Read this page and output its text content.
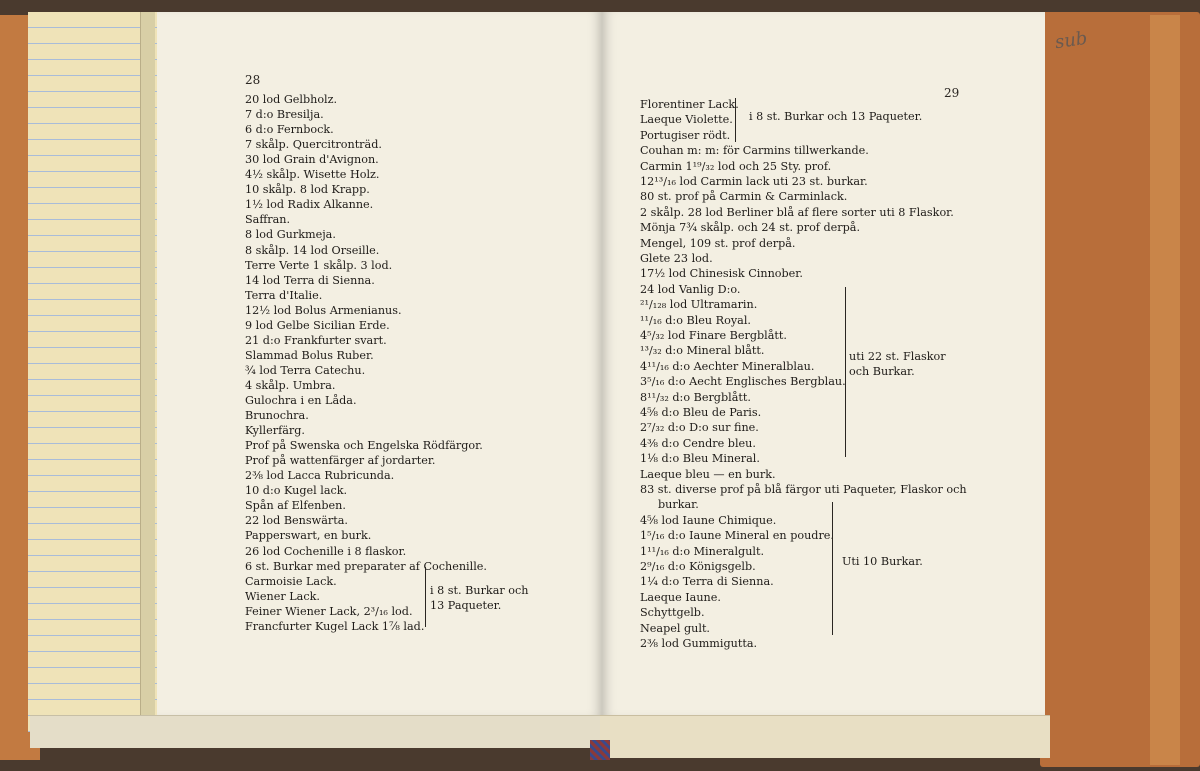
sub
28
20 lod Gelbholz.
7 d:o Bresilja.
6 d:o Fernbock.
7 skålp. Quercitronträd.
30 lod Grain d'Avignon.
4½ skålp. Wisette Holz.
10 skålp. 8 lod Krapp.
1½ lod Radix Alkanne.
Saffran.
8 lod Gurkmeja.
8 skålp. 14 lod Orseille.
Terre Verte 1 skålp. 3 lod.
14 lod Terra di Sienna.
Terra d'Italie.
12½ lod Bolus Armenianus.
9 lod Gelbe Sicilian Erde.
21 d:o Frankfurter svart.
Slammad Bolus Ruber.
¾ lod Terra Catechu.
4 skålp. Umbra.
Gulochra i en Låda.
Brunochra.
Kyllerfärg.
Prof på Swenska och Engelska Rödfärgor.
Prof på wattenfärger af jordarter.
2⅜ lod Lacca Rubricunda.
10 d:o Kugel lack.
Spån af Elfenben.
22 lod Benswärta.
Papperswart, en burk.
26 lod Cochenille i 8 flaskor.
6 st. Burkar med preparater af Cochenille.
Carmoisie Lack.
Wiener Lack.
Feiner Wiener Lack, 2³/₁₆ lod.
Francfurter Kugel Lack 1⅞ lad.
i 8 st. Burkar och
13 Paqueter.
29
Florentiner Lack.
Laeque Violette.
Portugiser rödt.
Couhan m: m: för Carmins tillwerkande.
Carmin 1¹⁹/₃₂ lod och 25 Sty. prof.
12¹³/₁₆ lod Carmin lack uti 23 st. burkar.
80 st. prof på Carmin & Carminlack.
2 skålp. 28 lod Berliner blå af flere sorter uti 8 Flaskor.
Mönja 7¾ skålp. och 24 st. prof derpå.
Mengel, 109 st. prof derpå.
Glete 23 lod.
17½ lod Chinesisk Cinnober.
24 lod Vanlig D:o.
²¹/₁₂₈ lod Ultramarin.
¹¹/₁₆ d:o Bleu Royal.
4⁵/₃₂ lod Finare Bergblått.
¹³/₃₂ d:o Mineral blått.
4¹¹/₁₆ d:o Aechter Mineralblau.
3⁵/₁₆ d:o Aecht Englisches Bergblau.
8¹¹/₃₂ d:o Bergblått.
4⅝ d:o Bleu de Paris.
2⁷/₃₂ d:o D:o sur fine.
4⅜ d:o Cendre bleu.
1⅛ d:o Bleu Mineral.
Laeque bleu — en burk.
83 st. diverse prof på blå färgor uti Paqueter, Flaskor och
burkar.
4⅝ lod Iaune Chimique.
1⁵/₁₆ d:o Iaune Mineral en poudre.
1¹¹/₁₆ d:o Mineralgult.
2⁹/₁₆ d:o Königsgelb.
1¼ d:o Terra di Sienna.
Laeque Iaune.
Schyttgelb.
Neapel gult.
2⅜ lod Gummigutta.
i 8 st. Burkar och 13 Paqueter.
uti 22 st. Flaskor
och Burkar.
Uti 10 Burkar.
